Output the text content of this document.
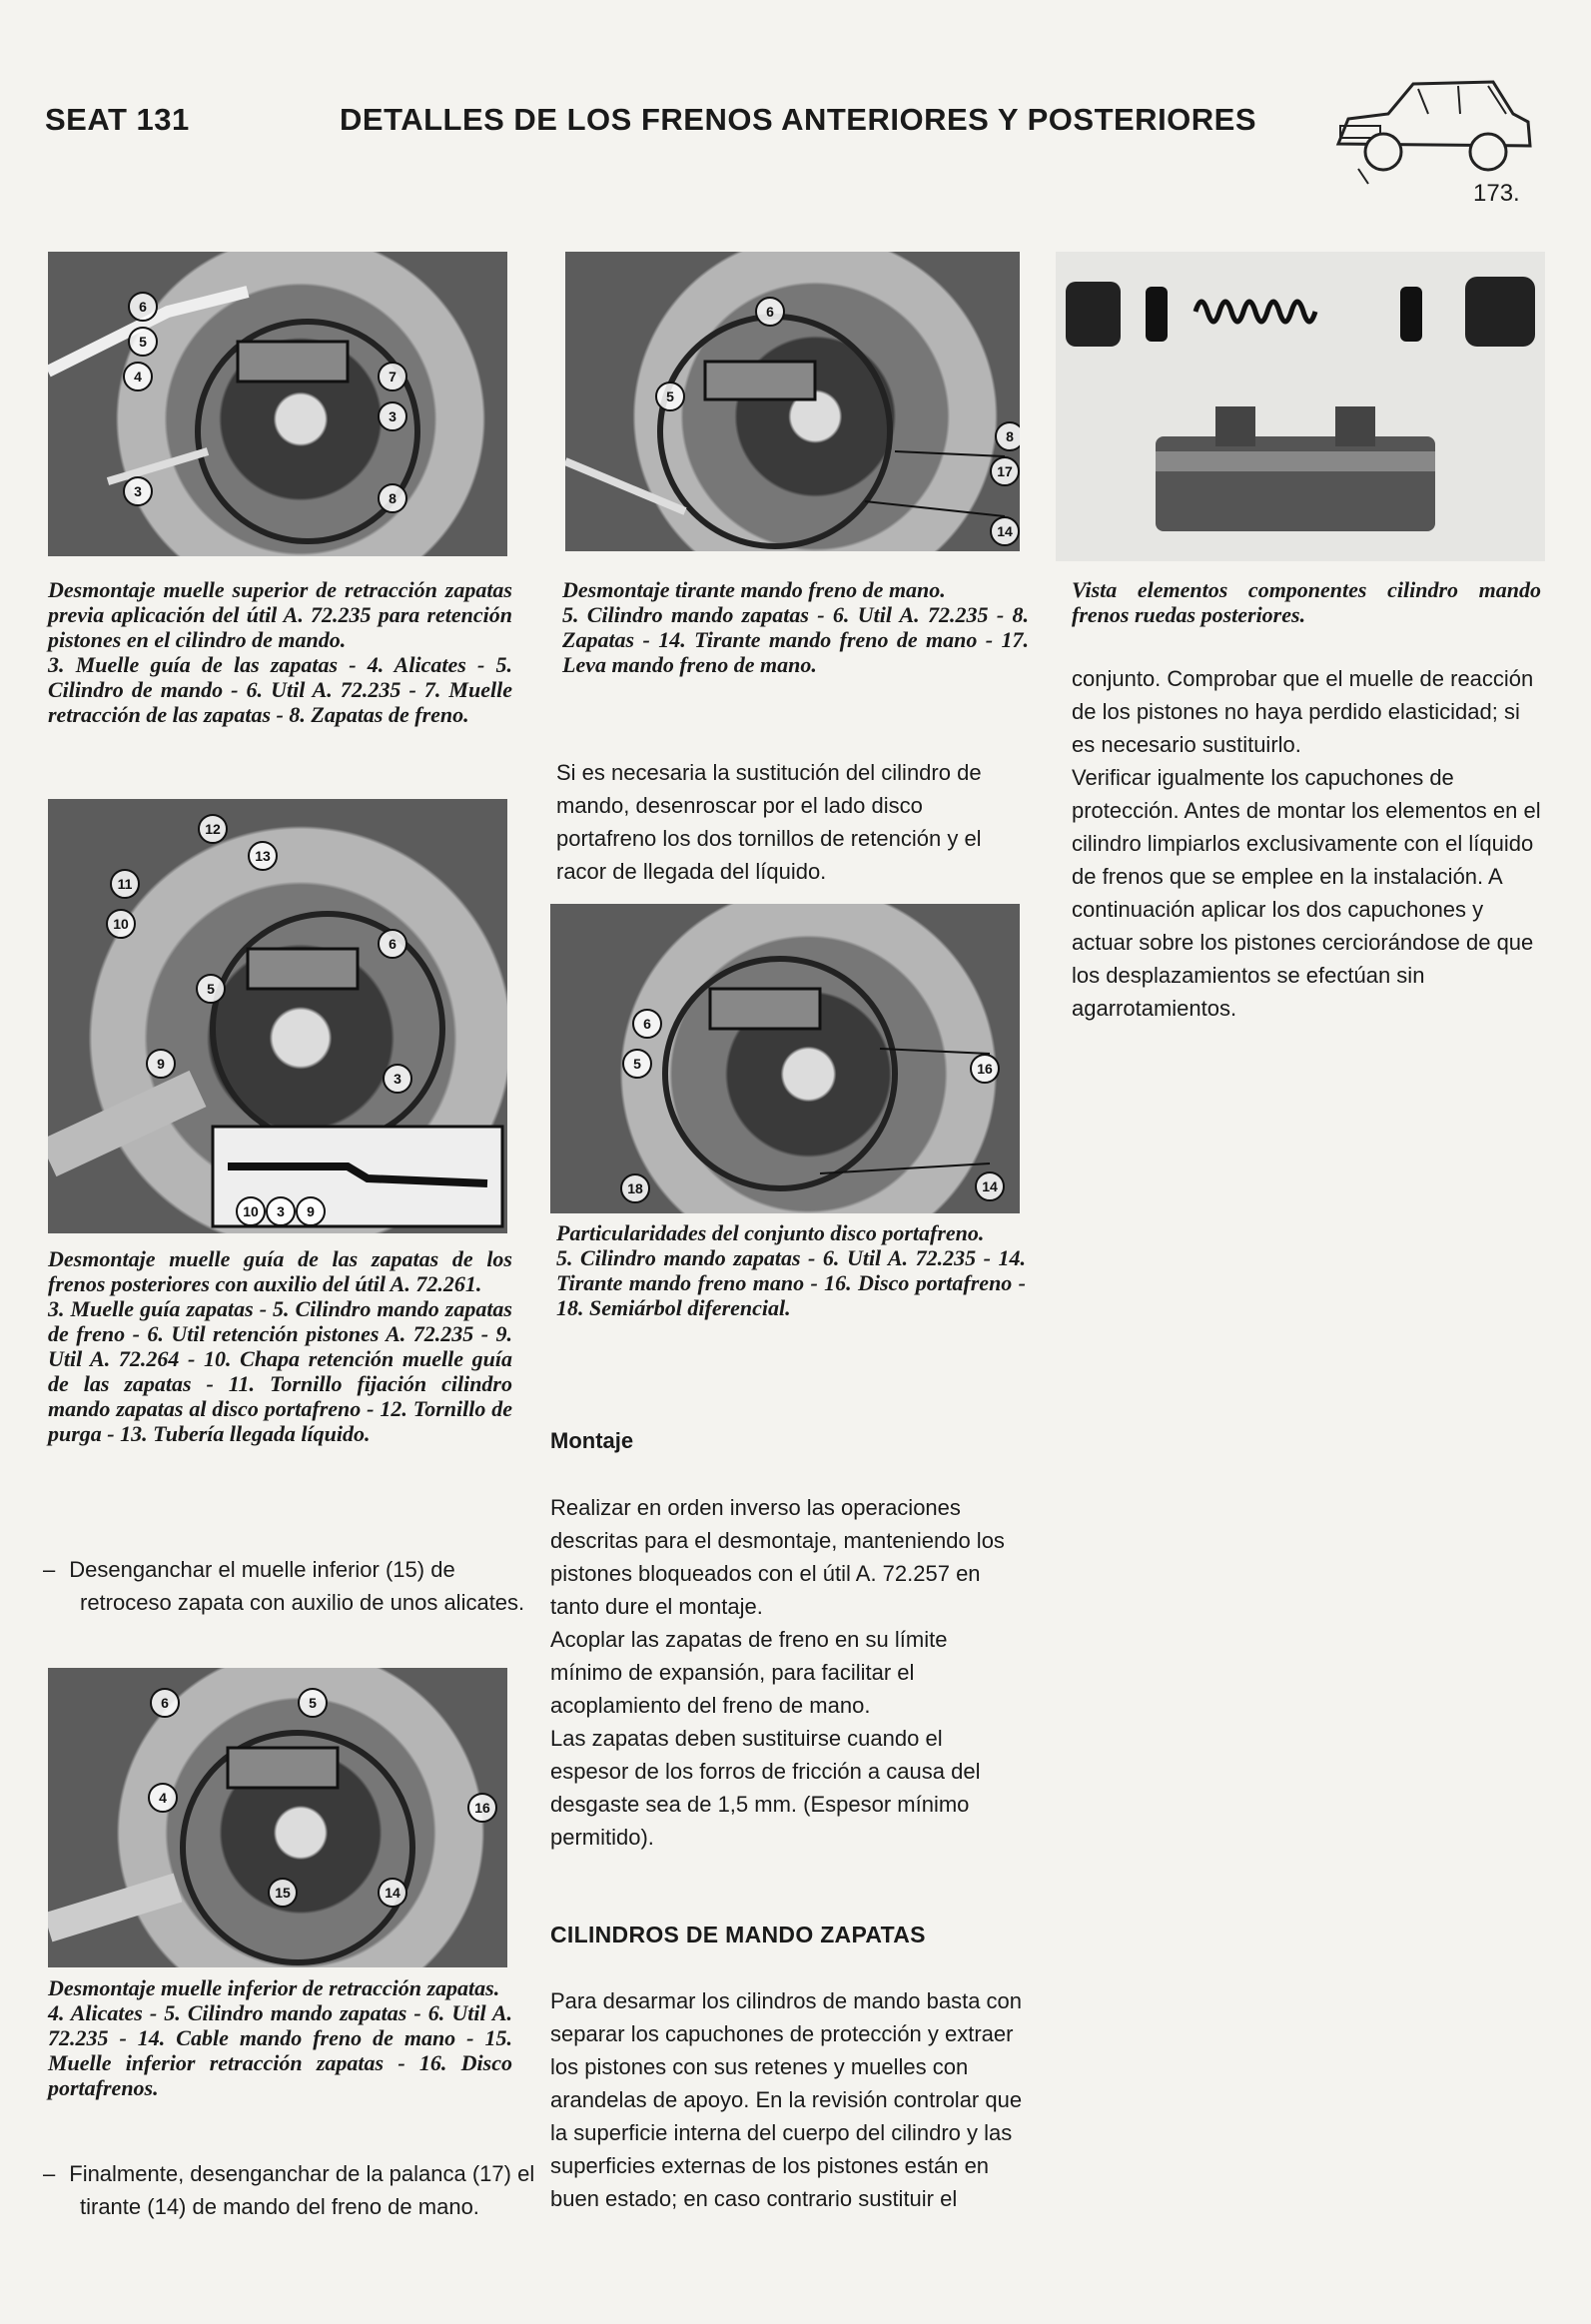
SEAT 131	DETALLES DE LOS FRENOS ANTERIORES Y POSTERIORES
173.
6
5
4	7
3
3	8
Desmontaje muelle superior de retracción zapatas previa aplicación del útil A. 72.235 para retención pistones en el cilindro de mando.
3. Muelle guía de las zapatas - 4. Alicates - 5. Cilindro de mando - 6. Util A. 72.235 - 7. Muelle retracción de las zapatas - 8. Zapatas de freno.
6
5
8
17
14
Desmontaje tirante mando freno de mano.
5. Cilindro mando zapatas - 6. Util A. 72.235 - 8. Zapatas - 14. Tirante mando freno de mano - 17. Leva mando freno de mano.
Vista elementos componentes cilindro mando frenos ruedas posteriores.
conjunto. Comprobar que el muelle de reacción de los pistones no haya perdido elasticidad; si es necesario sustituirlo.
Verificar igualmente los capuchones de protección. Antes de montar los elementos en el cilindro limpiarlos exclusivamente con el líquido de frenos que se emplee en la instalación. A continuación aplicar los dos capuchones y actuar sobre los pistones cerciorándose de que los desplazamientos se efectúan sin agarrotamientos.
12
13
11
10
6
5
9
3
10	3	9
Desmontaje muelle guía de las zapatas de los frenos posteriores con auxilio del útil A. 72.261.
3. Muelle guía zapatas - 5. Cilindro mando zapatas de freno - 6. Util retención pistones A. 72.235 - 9. Util A. 72.264 - 10. Chapa retención muelle guía de las zapatas - 11. Tornillo fijación cilindro mando zapatas al disco portafreno - 12. Tornillo de purga - 13. Tubería llegada líquido.
– Desenganchar el muelle inferior (15) de retroceso zapata con auxilio de unos alicates.
6
5	16
18	14
Particularidades del conjunto disco portafreno.
5. Cilindro mando zapatas - 6. Util A. 72.235 - 14. Tirante mando freno mano - 16. Disco portafreno - 18. Semiárbol diferencial.
Si es necesaria la sustitución del cilindro de mando, desenroscar por el lado disco portafreno los dos tornillos de retención y el racor de llegada del líquido.
Montaje
Realizar en orden inverso las operaciones descritas para el desmontaje, manteniendo los pistones bloqueados con el útil A. 72.257 en tanto dure el montaje.
Acoplar las zapatas de freno en su límite mínimo de expansión, para facilitar el acoplamiento del freno de mano.
Las zapatas deben sustituirse cuando el espesor de los forros de fricción a causa del desgaste sea de 1,5 mm. (Espesor mínimo permitido).
CILINDROS DE MANDO ZAPATAS
Para desarmar los cilindros de mando basta con separar los capuchones de protección y extraer los pistones con sus retenes y muelles con arandelas de apoyo. En la revisión controlar que la superficie interna del cuerpo del cilindro y las superficies externas de los pistones están en buen estado; en caso contrario sustituir el
6	5
4
16
15	14
Desmontaje muelle inferior de retracción zapatas.
4. Alicates - 5. Cilindro mando zapatas - 6. Util A. 72.235 - 14. Cable mando freno de mano - 15. Muelle inferior retracción zapatas - 16. Disco portafrenos.
– Finalmente, desenganchar de la palanca (17) el tirante (14) de mando del freno de mano.
